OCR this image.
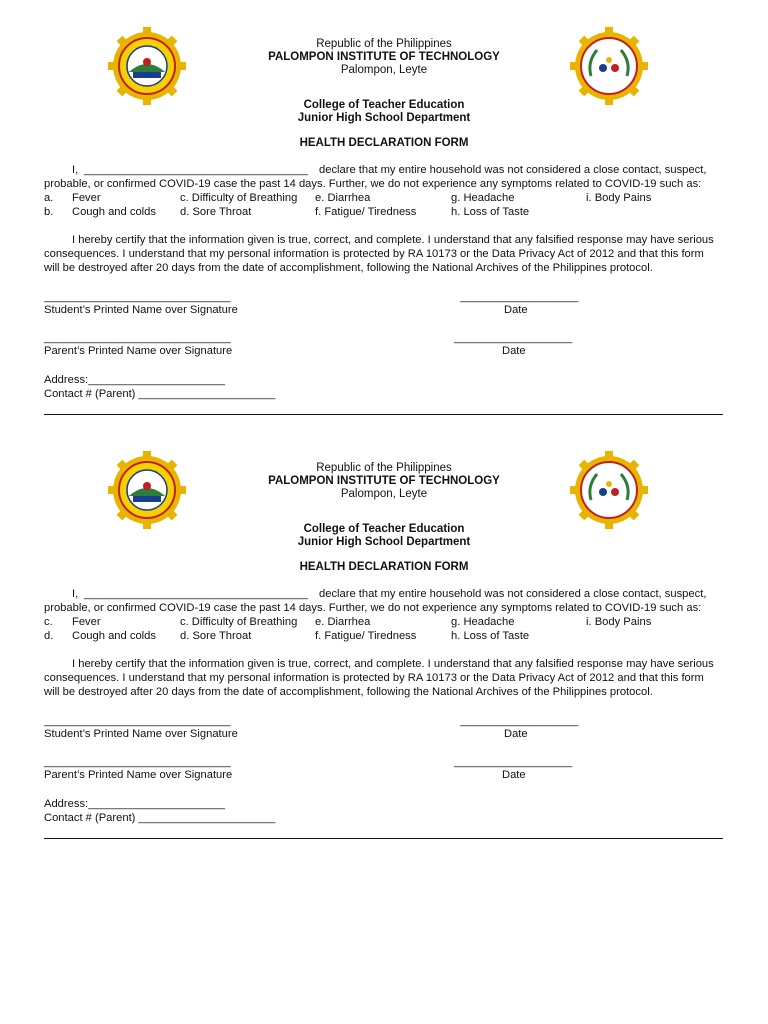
Republic of the Philippines
PALOMPON INSTITUTE OF TECHNOLOGY
Palompon, Leyte
College of Teacher Education
Junior High School Department
HEALTH DECLARATION FORM
I, ____________________________________ declare that my entire household was not considered a close contact, suspect,
probable, or confirmed COVID-19 case the past 14 days. Further, we do not experience any symptoms related to COVID-19 such as:
a. Fever	c. Difficulty of Breathing e. Diarrhea	g. Headache	i. Body Pains
b. Cough and colds d. Sore Throat	f. Fatigue/ Tiredness	h. Loss of Taste
I hereby certify that the information given is true, correct, and complete. I understand that any falsified response may have serious
consequences. I understand that my personal information is protected by RA 10173 or the Data Privacy Act of 2012 and that this form
will be destroyed after 20 days from the date of accomplishment, following the National Archives of the Philippines protocol.
______________________________	___________________
Student’s Printed Name over Signature	Date
______________________________	___________________
Parent’s Printed Name over Signature	Date
Address:______________________
Contact # (Parent) ______________________
Republic of the Philippines
PALOMPON INSTITUTE OF TECHNOLOGY
Palompon, Leyte
College of Teacher Education
Junior High School Department
HEALTH DECLARATION FORM
I, ____________________________________ declare that my entire household was not considered a close contact, suspect,
probable, or confirmed COVID-19 case the past 14 days. Further, we do not experience any symptoms related to COVID-19 such as:
c. Fever	c. Difficulty of Breathing e. Diarrhea	g. Headache	i. Body Pains
d. Cough and colds d. Sore Throat	f. Fatigue/ Tiredness	h. Loss of Taste
I hereby certify that the information given is true, correct, and complete. I understand that any falsified response may have serious
consequences. I understand that my personal information is protected by RA 10173 or the Data Privacy Act of 2012 and that this form
will be destroyed after 20 days from the date of accomplishment, following the National Archives of the Philippines protocol.
______________________________	___________________
Student’s Printed Name over Signature	Date
______________________________	___________________
Parent’s Printed Name over Signature	Date
Address:______________________
Contact # (Parent) ______________________
